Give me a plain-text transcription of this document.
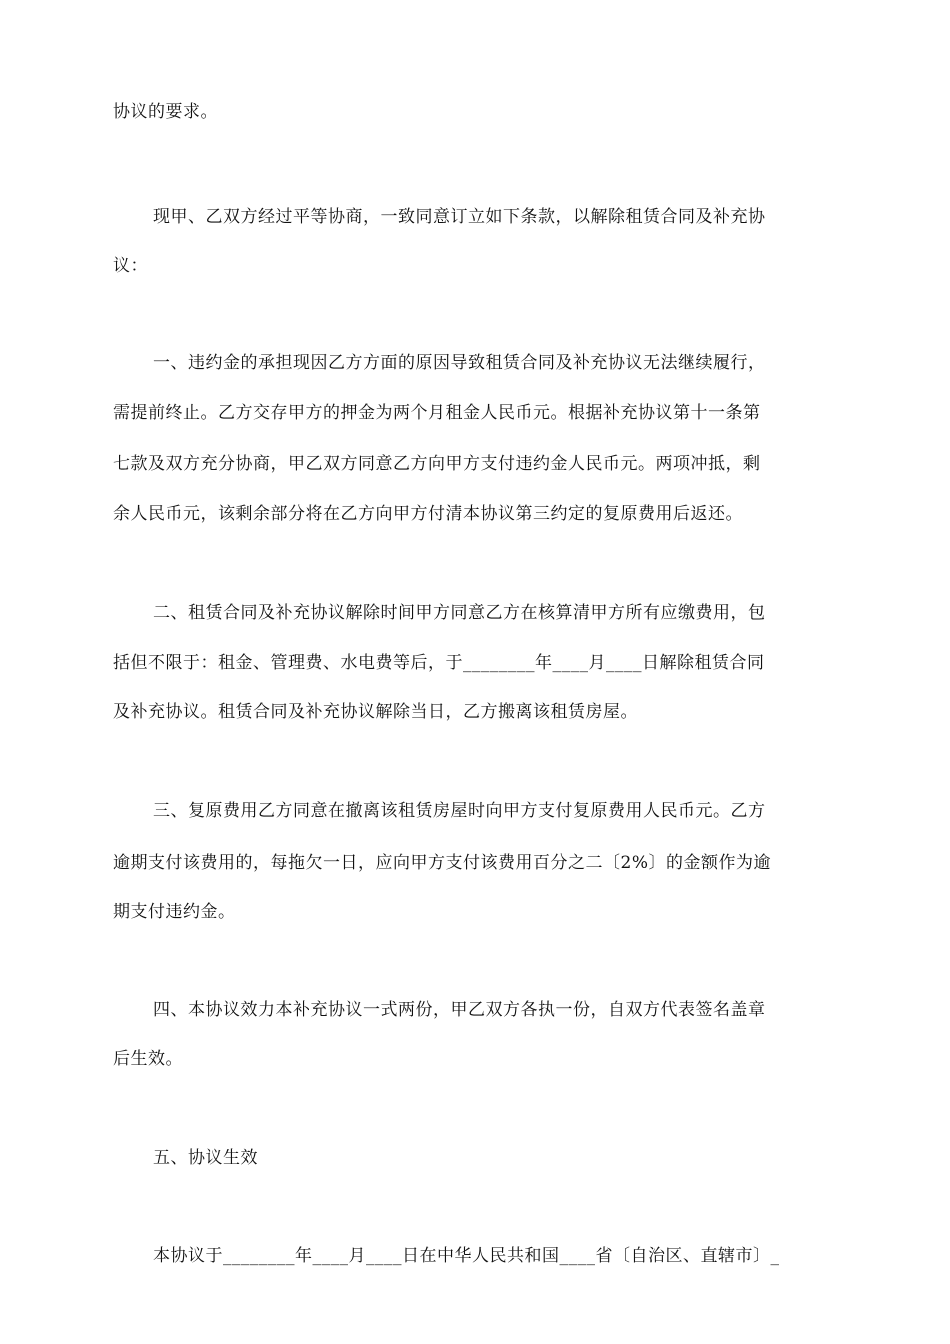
协议的要求。
现甲、乙双方经过平等协商，一致同意订立如下条款，以解除租赁合同及补充协
议：
一、违约金的承担现因乙方方面的原因导致租赁合同及补充协议无法继续履行，
需提前终止。乙方交存甲方的押金为两个月租金人民币元。根据补充协议第十一条第
七款及双方充分协商，甲乙双方同意乙方向甲方支付违约金人民币元。两项冲抵，剩
余人民币元，该剩余部分将在乙方向甲方付清本协议第三约定的复原费用后返还。
二、租赁合同及补充协议解除时间甲方同意乙方在核算清甲方所有应缴费用，包
括但不限于：租金、管理费、水电费等后，于________年____月____日解除租赁合同
及补充协议。租赁合同及补充协议解除当日，乙方搬离该租赁房屋。
三、复原费用乙方同意在撤离该租赁房屋时向甲方支付复原费用人民币元。乙方
逾期支付该费用的，每拖欠一日，应向甲方支付该费用百分之二〔2%〕的金额作为逾
期支付违约金。
四、本协议效力本补充协议一式两份，甲乙双方各执一份，自双方代表签名盖章
后生效。
五、协议生效
本协议于________年____月____日在中华人民共和国____省〔自治区、直辖市〕_
